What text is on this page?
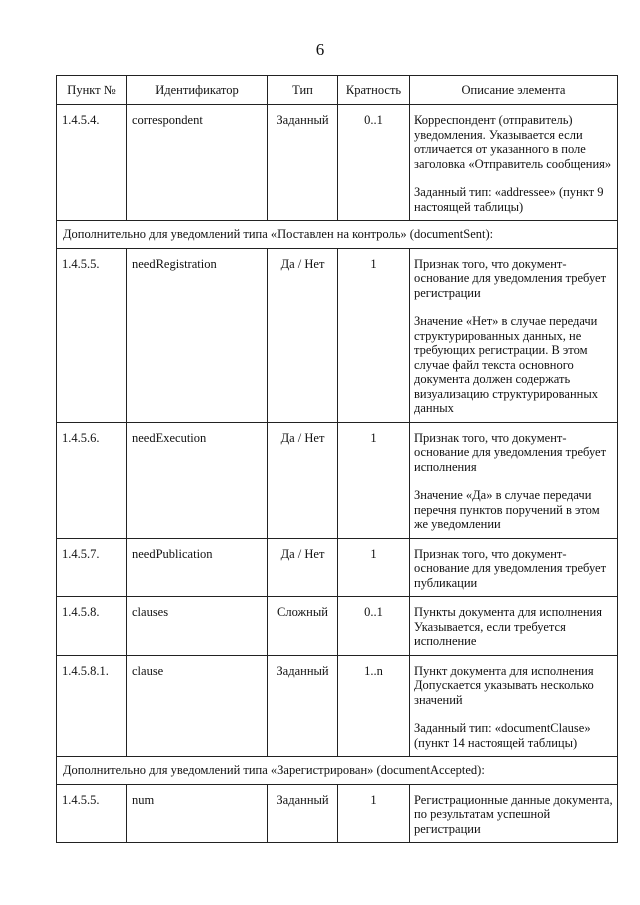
6
Пункт №	Идентификатор	Тип	Кратность	Описание элемента
1.4.5.4.	correspondent	Заданный	0..1	Корреспондент (отправитель) уведомления. Указывается если отличается от указанного в поле заголовка «Отправитель сообщения»

Заданный тип: «addressee» (пункт 9 настоящей таблицы)

Дополнительно для уведомлений типа «Поставлен на контроль» (documentSent):				
1.4.5.5.	needRegistration	Да / Нет	1	Признак того, что документ-основание для уведомления требует регистрации

Значение «Нет» в случае передачи структурированных данных, не требующих регистрации. В этом случае файл текста основного документа должен содержать визуализацию структурированных данных

1.4.5.6.	needExecution	Да / Нет	1	Признак того, что документ-основание для уведомления требует исполнения

Значение «Да» в случае передачи перечня пунктов поручений в этом же уведомлении

1.4.5.7.	needPublication	Да / Нет	1	Признак того, что документ-основание для уведомления требует публикации

1.4.5.8.	clauses	Сложный	0..1	Пункты документа для исполнения Указывается, если требуется исполнение

1.4.5.8.1.	clause	Заданный	1..n	Пункт документа для исполнения Допускается указывать несколько значений

Заданный тип: «documentClause» (пункт 14 настоящей таблицы)

Дополнительно для уведомлений типа «Зарегистрирован» (documentAccepted):				
1.4.5.5.	num	Заданный	1	Регистрационные данные документа, по результатам успешной регистрации
